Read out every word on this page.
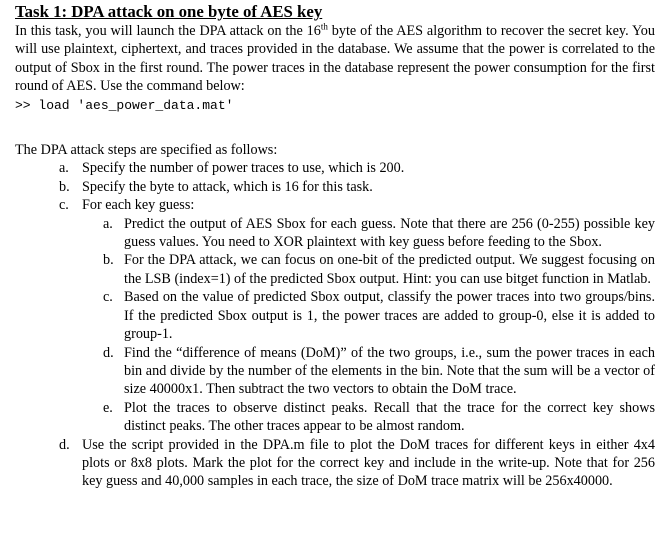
Task 1: DPA attack on one byte of AES key

In this task, you will launch the DPA attack on the 16th byte of the AES algorithm to recover the secret key. You will use plaintext, ciphertext, and traces provided in the database. We assume that the power is correlated to the output of Sbox in the first round. The power traces in the database represent the power consumption for the first round of AES. Use the command below:

>> load 'aes_power_data.mat'

The DPA attack steps are specified as follows:

a. Specify the number of power traces to use, which is 200.
b. Specify the byte to attack, which is 16 for this task.
c. For each key guess:
a. Predict the output of AES Sbox for each guess. Note that there are 256 (0-255) possible key guess values. You need to XOR plaintext with key guess before feeding to the Sbox.
b. For the DPA attack, we can focus on one-bit of the predicted output. We suggest focusing on the LSB (index=1) of the predicted Sbox output. Hint: you can use bitget function in Matlab.
c. Based on the value of predicted Sbox output, classify the power traces into two groups/bins. If the predicted Sbox output is 1, the power traces are added to group-0, else it is added to group-1.
d. Find the “difference of means (DoM)” of the two groups, i.e., sum the power traces in each bin and divide by the number of the elements in the bin. Note that the sum will be a vector of size 40000x1. Then subtract the two vectors to obtain the DoM trace.
e. Plot the traces to observe distinct peaks. Recall that the trace for the correct key shows distinct peaks. The other traces appear to be almost random.
d. Use the script provided in the DPA.m file to plot the DoM traces for different keys in either 4x4 plots or 8x8 plots. Mark the plot for the correct key and include in the write-up. Note that for 256 key guess and 40,000 samples in each trace, the size of DoM trace matrix will be 256x40000.
